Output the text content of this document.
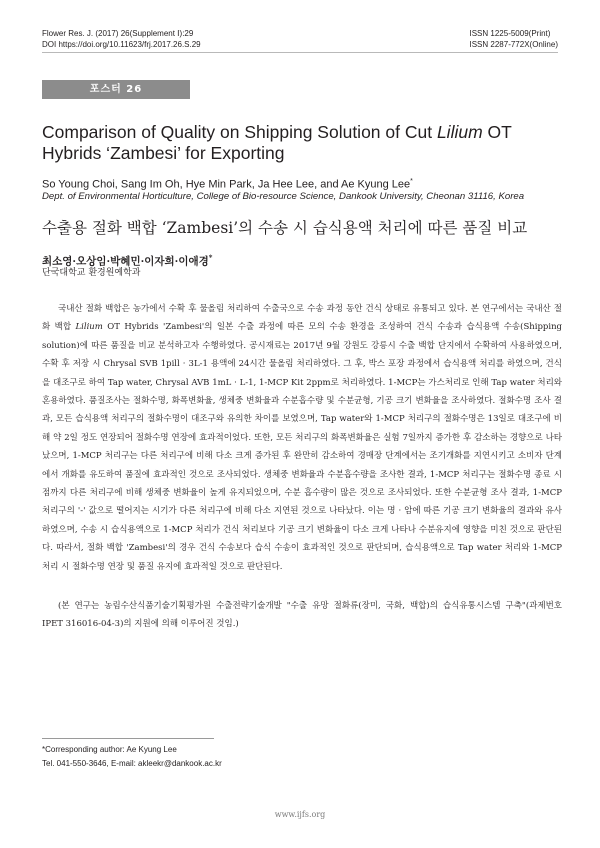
Flower Res. J. (2017) 26(Supplement Ⅰ):29
DOI https://doi.org/10.11623/frj.2017.26.S.29
ISSN 1225-5009(Print)
ISSN 2287-772X(Online)
포스터 26
Comparison of Quality on Shipping Solution of Cut Lilium OT Hybrids ‘Zambesi’ for Exporting
So Young Choi, Sang Im Oh, Hye Min Park, Ja Hee Lee, and Ae Kyung Lee*
Dept. of Environmental Horticulture, College of Bio-resource Science, Dankook University, Cheonan 31116, Korea
수출용 절화 백합 ‘Zambesi’의 수송 시 습식용액 처리에 따른 품질 비교
최소영·오상임·박혜민·이자희·이애경*
단국대학교 환경원예학과

국내산 절화 백합은 농가에서 수확 후 물올림 처리하여 수출국으로 수송 과정 동안 건식 상태로 유통되고 있다. 본 연구에서는 국내산 절화 백합 Lilium OT Hybrids 'Zambesi'의 일본 수출 과정에 따른 모의 수송 환경을 조성하여 건식 수송과 습식용액 수송(Shipping solution)에 따른 품질을 비교 분석하고자 수행하였다. 공시재료는 2017년 9월 강원도 강릉시 수출 백합 단지에서 수확하여 사용하였으며, 수확 후 저장 시 Chrysal SVB 1pill · 3L-1 용액에 24시간 물올림 처리하였다. 그 후, 박스 포장 과정에서 습식용액 처리를 하였으며, 건식을 대조구로 하여 Tap water, Chrysal AVB 1mL · L-1, 1-MCP Kit 2ppm로 처리하였다. 1-MCP는 가스처리로 인해 Tap water 처리와 혼용하였다. 품질조사는 절화수명, 화폭변화율, 생체중 변화율과 수분흡수량 및 수분균형, 기공 크기 변화율을 조사하였다. 절화수명 조사 결과, 모든 습식용액 처리구의 절화수명이 대조구와 유의한 차이를 보였으며, Tap water와 1-MCP 처리구의 절화수명은 13일로 대조구에 비해 약 2일 정도 연장되어 절화수명 연장에 효과적이었다. 또한, 모든 처리구의 화폭변화율은 실험 7일까지 증가한 후 감소하는 경향으로 나타났으며, 1-MCP 처리구는 다른 처리구에 비해 다소 크게 증가된 후 완만히 감소하여 경매장 단계에서는 조기개화를 지연시키고 소비자 단계에서 개화를 유도하여 품질에 효과적인 것으로 조사되었다. 생체중 변화율과 수분흡수량을 조사한 결과, 1-MCP 처리구는 절화수명 종료 시점까지 다른 처리구에 비해 생체중 변화율이 높게 유지되었으며, 수분 흡수량이 많은 것으로 조사되었다. 또한 수분균형 조사 결과, 1-MCP 처리구의 '-' 값으로 떨어지는 시기가 다른 처리구에 비해 다소 지연된 것으로 나타났다. 이는 명 · 암에 따른 기공 크기 변화율의 결과와 유사하였으며, 수송 시 습식용액으로 1-MCP 처리가 건식 처리보다 기공 크기 변화율이 다소 크게 나타나 수분유지에 영향을 미친 것으로 판단된다. 따라서, 절화 백합 'Zambesi'의 경우 건식 수송보다 습식 수송이 효과적인 것으로 판단되며, 습식용액으로 Tap water 처리와 1-MCP 처리 시 절화수명 연장 및 품질 유지에 효과적일 것으로 판단된다.

(본 연구는 농림수산식품기술기획평가원 수출전략기술개발 "수출 유망 절화류(장미, 국화, 백합)의 습식유통시스템 구축"(과제번호 IPET 316016-04-3)의 지원에 의해 이루어진 것임.)

*Corresponding author: Ae Kyung Lee
Tel. 041-550-3646, E-mail: akleekr@dankook.ac.kr
www.ijfs.org
